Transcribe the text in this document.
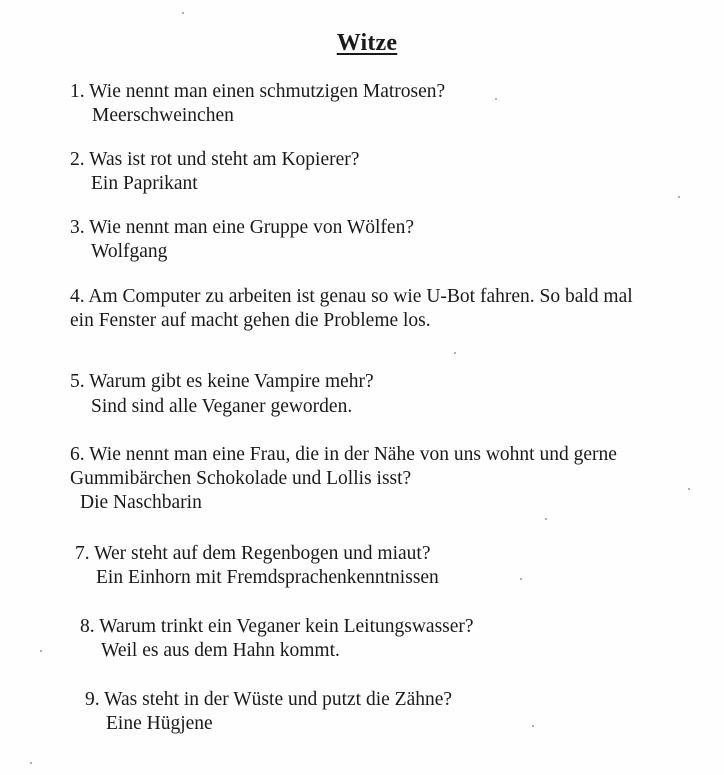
Witze
1. Wie nennt man einen schmutzigen Matrosen?
Meerschweinchen
2. Was ist rot und steht am Kopierer?
Ein Paprikant
3. Wie nennt man eine Gruppe von Wölfen?
Wolfgang
4. Am Computer zu arbeiten ist genau so wie U-Bot fahren. So bald mal
ein Fenster auf macht gehen die Probleme los.
5. Warum gibt es keine Vampire mehr?
Sind sind alle Veganer geworden.
6. Wie nennt man eine Frau, die in der Nähe von uns wohnt und gerne
Gummibärchen Schokolade und Lollis isst?
Die Naschbarin
7. Wer steht auf dem Regenbogen und miaut?
Ein Einhorn mit Fremdsprachenkenntnissen
8. Warum trinkt ein Veganer kein Leitungswasser?
Weil es aus dem Hahn kommt.
9. Was steht in der Wüste und putzt die Zähne?
Eine Hügjene
